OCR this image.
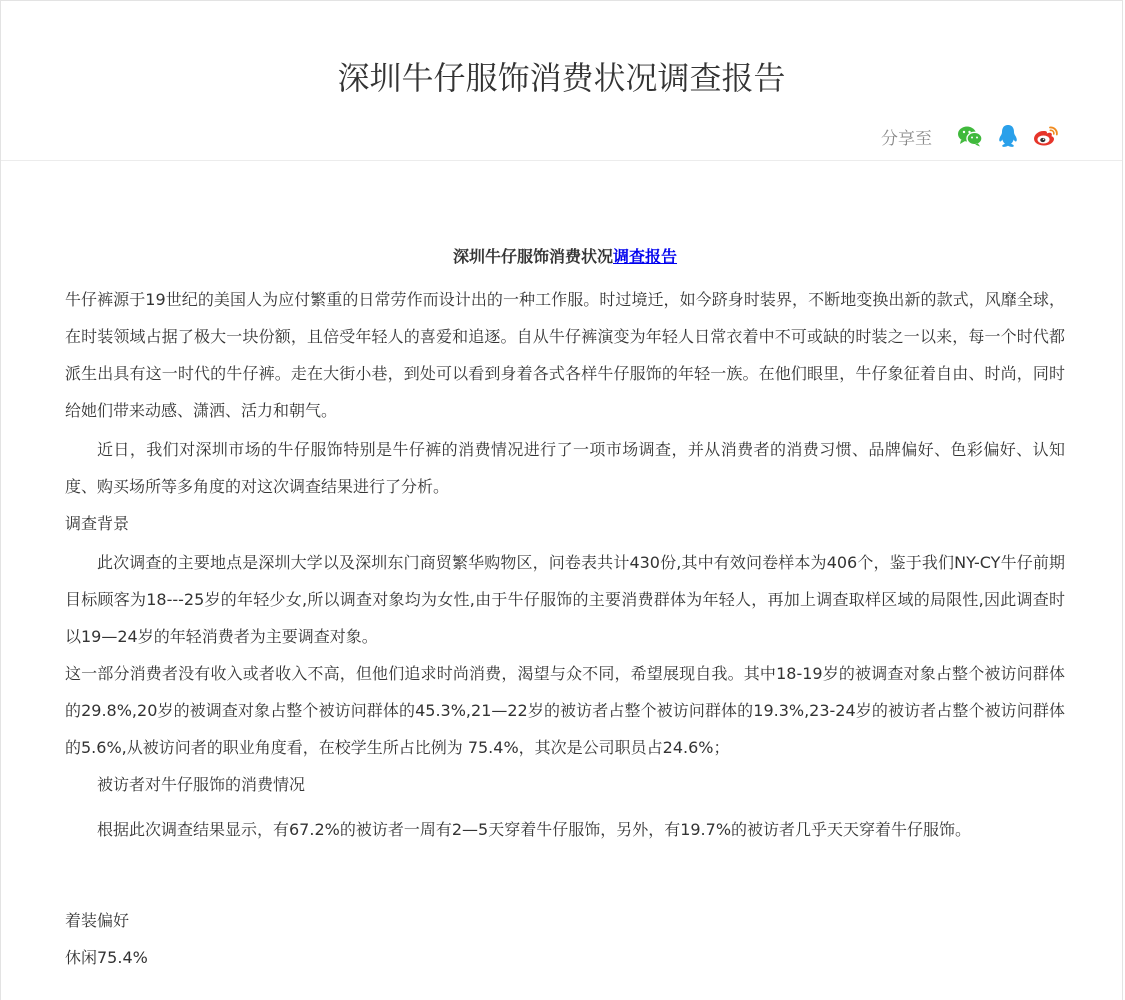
深圳牛仔服饰消费状况调查报告
分享至
深圳牛仔服饰消费状况调查报告

牛仔裤源于19世纪的美国人为应付繁重的日常劳作而设计出的一种工作服。时过境迁，如今跻身时装界，不断地变换出新的款式，风靡全球，在时装领域占据了极大一块份额，且倍受年轻人的喜爱和追逐。自从牛仔裤演变为年轻人日常衣着中不可或缺的时装之一以来，每一个时代都派生出具有这一时代的牛仔裤。走在大街小巷，到处可以看到身着各式各样牛仔服饰的年轻一族。在他们眼里，牛仔象征着自由、时尚，同时给她们带来动感、潇洒、活力和朝气。

近日，我们对深圳市场的牛仔服饰特别是牛仔裤的消费情况进行了一项市场调查，并从消费者的消费习惯、品牌偏好、色彩偏好、认知度、购买场所等多角度的对这次调查结果进行了分析。

调查背景

此次调查的主要地点是深圳大学以及深圳东门商贸繁华购物区，问卷表共计430份,其中有效问卷样本为406个，鉴于我们NY-CY牛仔前期目标顾客为18---25岁的年轻少女,所以调查对象均为女性,由于牛仔服饰的主要消费群体为年轻人，再加上调查取样区域的局限性,因此调查时以19—24岁的年轻消费者为主要调查对象。

这一部分消费者没有收入或者收入不高，但他们追求时尚消费，渴望与众不同，希望展现自我。其中18-19岁的被调查对象占整个被访问群体的29.8%,20岁的被调查对象占整个被访问群体的45.3%,21—22岁的被访者占整个被访问群体的19.3%,23-24岁的被访者占整个被访问群体的5.6%,从被访问者的职业角度看，在校学生所占比例为 75.4%，其次是公司职员占24.6%；

被访者对牛仔服饰的消费情况

根据此次调查结果显示，有67.2%的被访者一周有2—5天穿着牛仔服饰，另外，有19.7%的被访者几乎天天穿着牛仔服饰。

着装偏好

休闲75.4%
